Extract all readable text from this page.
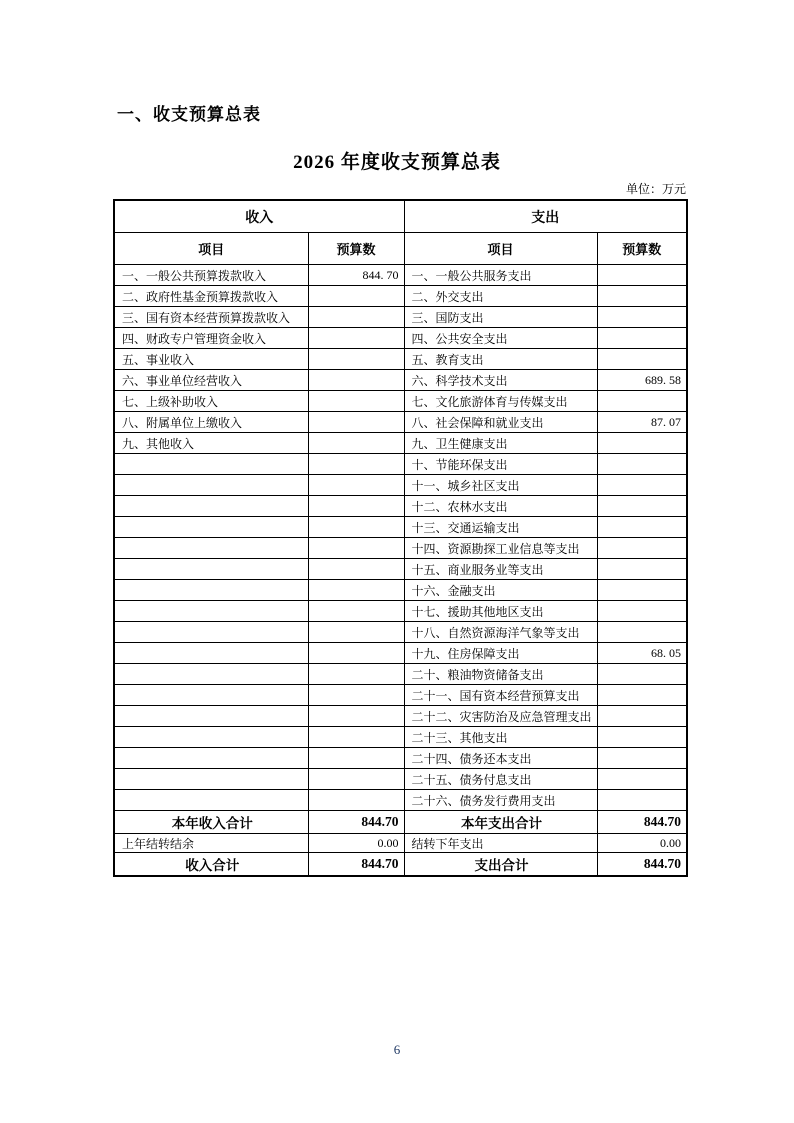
一、收支预算总表
2026 年度收支预算总表
单位：万元
收入		支出	
项目	预算数	项目	预算数
一、一般公共预算拨款收入	844. 70	一、一般公共服务支出	
二、政府性基金预算拨款收入		二、外交支出	
三、国有资本经营预算拨款收入		三、国防支出	
四、财政专户管理资金收入		四、公共安全支出	
五、事业收入		五、教育支出	
六、事业单位经营收入		六、科学技术支出	689. 58
七、上级补助收入		七、文化旅游体育与传媒支出	
八、附属单位上缴收入		八、社会保障和就业支出	87. 07
九、其他收入		九、卫生健康支出	
		十、节能环保支出	
		十一、城乡社区支出	
		十二、农林水支出	
		十三、交通运输支出	
		十四、资源勘探工业信息等支出	
		十五、商业服务业等支出	
		十六、金融支出	
		十七、援助其他地区支出	
		十八、自然资源海洋气象等支出	
		十九、住房保障支出	68. 05
		二十、粮油物资储备支出	
		二十一、国有资本经营预算支出	
		二十二、灾害防治及应急管理支出	
		二十三、其他支出	
		二十四、债务还本支出	
		二十五、债务付息支出	
		二十六、债务发行费用支出	
本年收入合计	844.70	本年支出合计	844.70
上年结转结余	0.00	结转下年支出	0.00
收入合计	844.70	支出合计	844.70
6
